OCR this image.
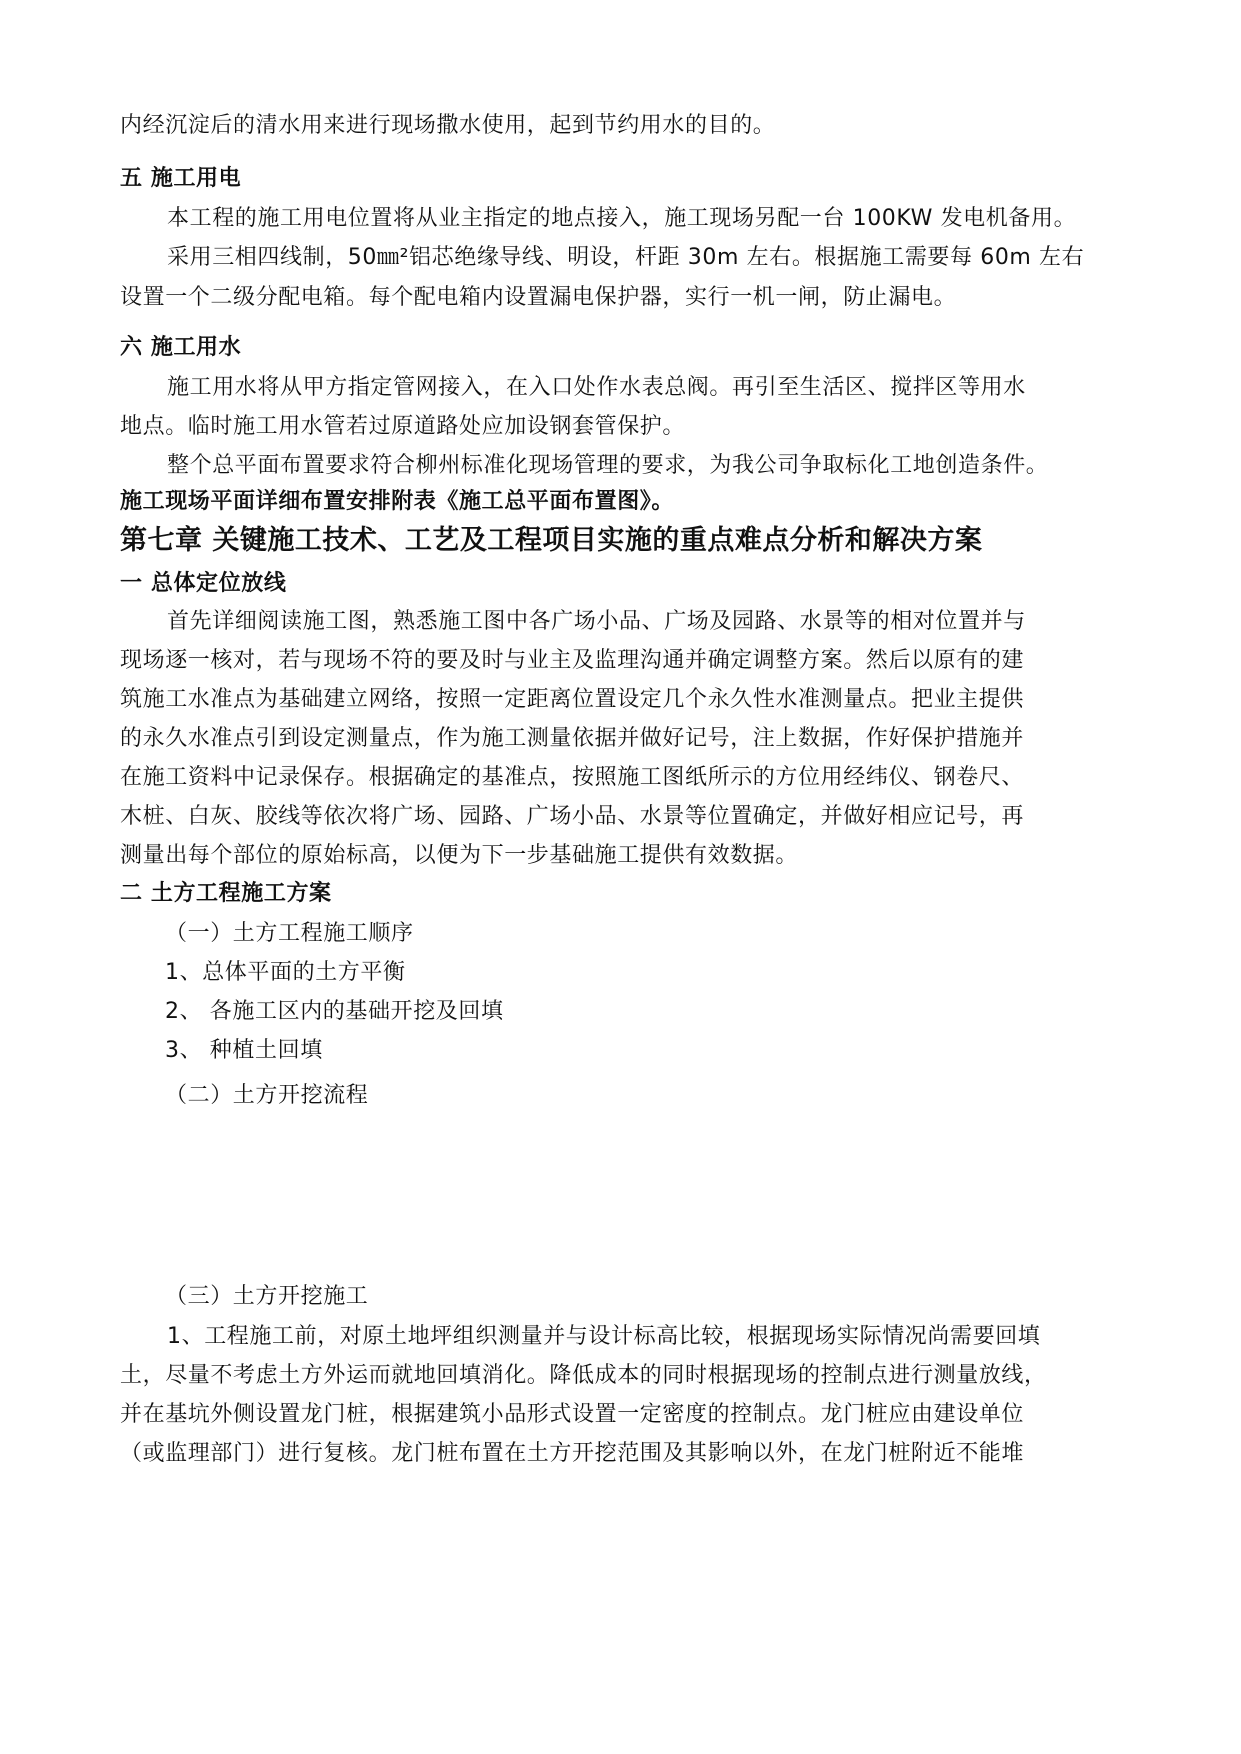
内经沉淀后的清水用来进行现场撒水使用，起到节约用水的目的。
五 施工用电
本工程的施工用电位置将从业主指定的地点接入，施工现场另配一台 100KW 发电机备用。
采用三相四线制，50㎜²铝芯绝缘导线、明设，杆距 30m 左右。根据施工需要每 60m 左右
设置一个二级分配电箱。每个配电箱内设置漏电保护器，实行一机一闸，防止漏电。
六 施工用水
施工用水将从甲方指定管网接入，在入口处作水表总阀。再引至生活区、搅拌区等用水
地点。临时施工用水管若过原道路处应加设钢套管保护。
整个总平面布置要求符合柳州标准化现场管理的要求，为我公司争取标化工地创造条件。
施工现场平面详细布置安排附表《施工总平面布置图》。
第七章 关键施工技术、工艺及工程项目实施的重点难点分析和解决方案
一 总体定位放线
首先详细阅读施工图，熟悉施工图中各广场小品、广场及园路、水景等的相对位置并与
现场逐一核对，若与现场不符的要及时与业主及监理沟通并确定调整方案。然后以原有的建
筑施工水准点为基础建立网络，按照一定距离位置设定几个永久性水准测量点。把业主提供
的永久水准点引到设定测量点，作为施工测量依据并做好记号，注上数据，作好保护措施并
在施工资料中记录保存。根据确定的基准点，按照施工图纸所示的方位用经纬仪、钢卷尺、
木桩、白灰、胶线等依次将广场、园路、广场小品、水景等位置确定，并做好相应记号，再
测量出每个部位的原始标高，以便为下一步基础施工提供有效数据。
二 土方工程施工方案
（一）土方工程施工顺序
1、总体平面的土方平衡
2、 各施工区内的基础开挖及回填
3、 种植土回填
（二）土方开挖流程
（三）土方开挖施工
1、工程施工前，对原土地坪组织测量并与设计标高比较，根据现场实际情况尚需要回填
土，尽量不考虑土方外运而就地回填消化。降低成本的同时根据现场的控制点进行测量放线，
并在基坑外侧设置龙门桩，根据建筑小品形式设置一定密度的控制点。龙门桩应由建设单位
（或监理部门）进行复核。龙门桩布置在土方开挖范围及其影响以外，在龙门桩附近不能堆
